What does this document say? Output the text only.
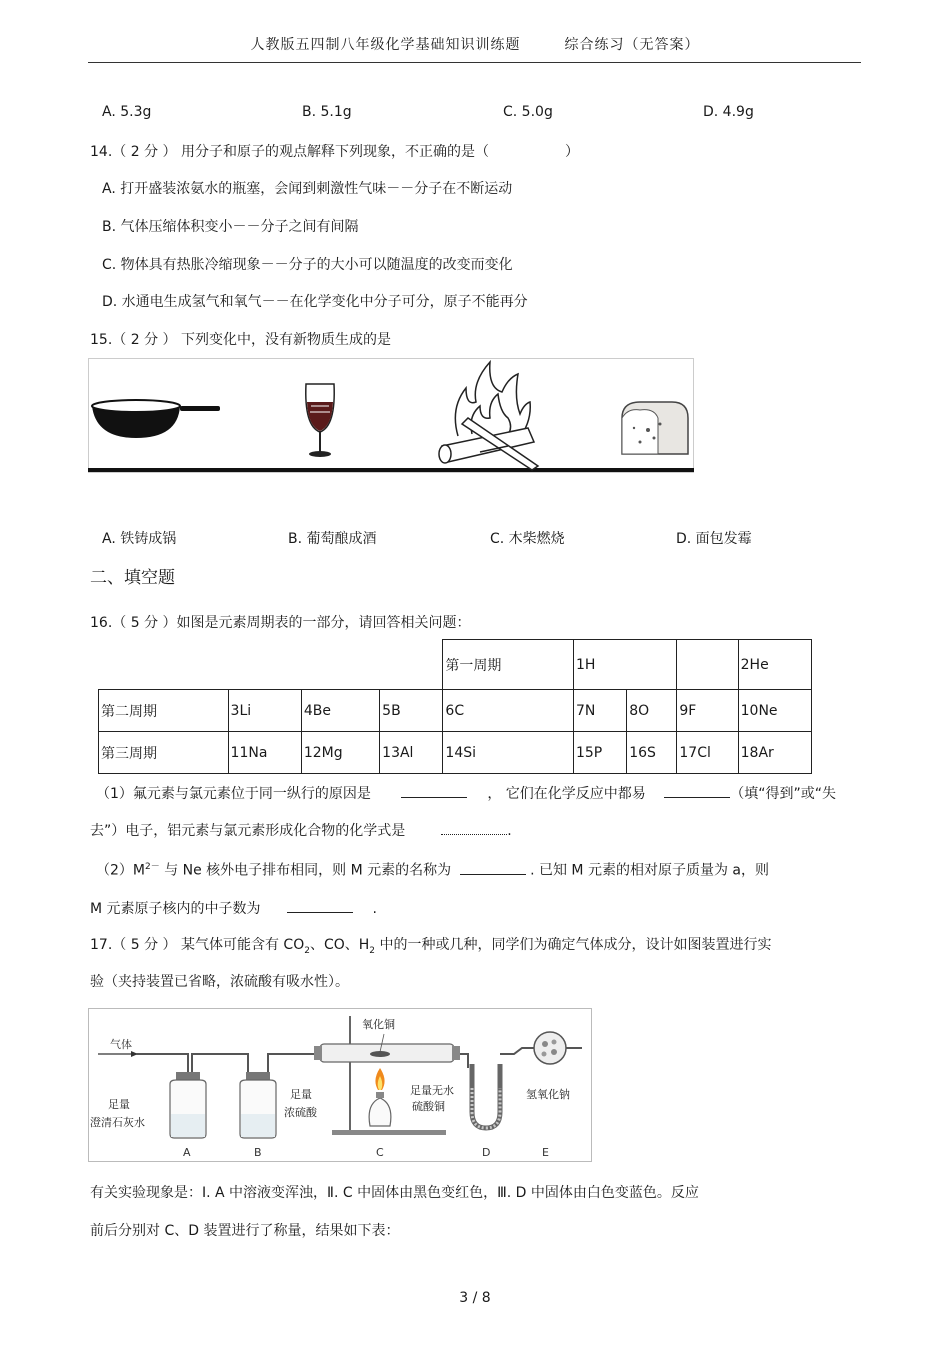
人教版五四制八年级化学基础知识训练题	综合练习（无答案）
A. 5.3g	B. 5.1g	C. 5.0g	D. 4.9g
14.（ 2 分 ） 用分子和原子的观点解释下列现象，不正确的是（	）
A. 打开盛装浓氨水的瓶塞，会闻到刺激性气味－－分子在不断运动
B. 气体压缩体积变小－－分子之间有间隔
C. 物体具有热胀冷缩现象－－分子的大小可以随温度的改变而变化
D. 水通电生成氢气和氧气－－在化学变化中分子可分，原子不能再分
15.（ 2 分 ） 下列变化中，没有新物质生成的是
A. 铁铸成锅	B. 葡萄酿成酒	C. 木柴燃烧	D. 面包发霉
二、填空题
16.（ 5 分 ）如图是元素周期表的一部分，请回答相关问题：
				第一周期	1H			2He
第二周期	3Li	4Be	5B	6C	7N	8O	9F	10Ne
第三周期	11Na	12Mg	13Al	14Si	15P	16S	17Cl	18Ar
（1）氟元素与氯元素位于同一纵行的原因是	， 它们在化学反应中都易	（填“得到”或“失
去”）电子，铝元素与氯元素形成化合物的化学式是	.
$(2)M^{2-}$ 与 Ne 核外电子排布相同，则 M 元素的名称为	. 已知 M 元素的相对原子质量为 a，则
M 元素原子核内的中子数为	.
17.（ 5 分 ） 某气体可能含有 $CO_2$、CO、$H_2$ 中的一种或几种，同学们为确定气体成分，设计如图装置进行实
验（夹持装置已省略，浓硫酸有吸水性）。
气体
足量
澄清石灰水
足量
浓硫酸
氧化铜
足量无水
硫酸铜
氢氧化钠
A	B	C	D	E
有关实验现象是：Ⅰ. A 中溶液变浑浊，Ⅱ. C 中固体由黑色变红色，Ⅲ. D 中固体由白色变蓝色。反应
前后分别对 C、D 装置进行了称量，结果如下表：
3 / 8
